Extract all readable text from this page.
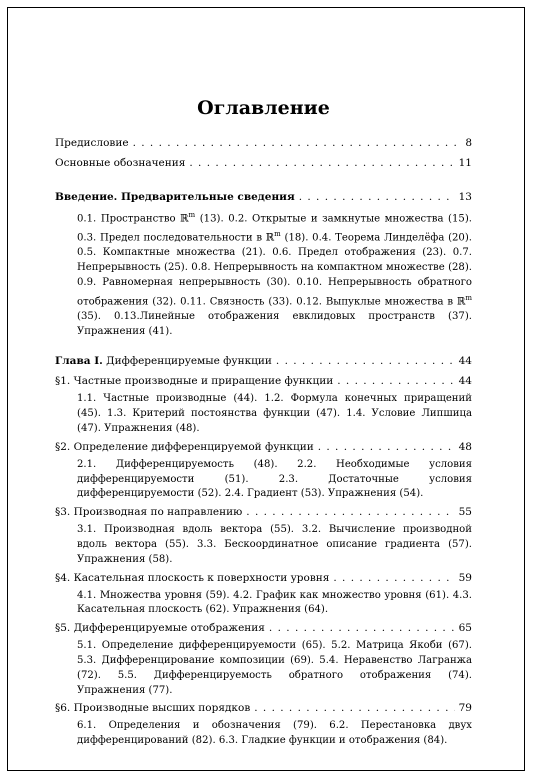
Оглавление
Предисловие . . .	8
Основные обозначения . . .	11
Введение. Предварительные сведения . . .	13
0.1. Пространство ℝ$^m$ (13). 0.2. Открытые и замкнутые множества (15). 0.3. Предел последовательности в ℝ$^m$ (18). 0.4. Теорема Линделёфа (20). 0.5. Компактные множества (21). 0.6. Предел отображения (23). 0.7. Непрерывность (25). 0.8. Непрерывность на компактном множестве (28). 0.9. Равномерная непрерывность (30). 0.10. Непрерывность обратного отображения (32). 0.11. Связность (33). 0.12. Выпуклые множества в ℝ$^m$ (35). 0.13.Линейные отображения евклидовых пространств (37). Упражнения (41).
Глава I. Дифференцируемые функции . . .	44
§1. Частные производные и приращение функции . . .	44
1.1. Частные производные (44). 1.2. Формула конечных приращений (45). 1.3. Критерий постоянства функции (47). 1.4. Условие Липшица (47). Упражнения (48).
§2. Определение дифференцируемой функции . . .	48
2.1. Дифференцируемость (48). 2.2. Необходимые условия дифференцируемости (51). 2.3. Достаточные условия дифференцируемости (52). 2.4. Градиент (53). Упражнения (54).
§3. Производная по направлению . . .	55
3.1. Производная вдоль вектора (55). 3.2. Вычисление производной вдоль вектора (55). 3.3. Бескоординатное описание градиента (57). Упражнения (58).
§4. Касательная плоскость к поверхности уровня . . .	59
4.1. Множества уровня (59). 4.2. График как множество уровня (61). 4.3. Касательная плоскость (62). Упражнения (64).
§5. Дифференцируемые отображения . . .	65
5.1. Определение дифференцируемости (65). 5.2. Матрица Якоби (67). 5.3. Дифференцирование композиции (69). 5.4. Неравенство Лагранжа (72). 5.5. Дифференцируемость обратного отображения (74). Упражнения (77).
§6. Производные высших порядков . . .	79
6.1. Определения и обозначения (79). 6.2. Перестановка двух дифференцирований (82). 6.3. Гладкие функции и отображения (84).
